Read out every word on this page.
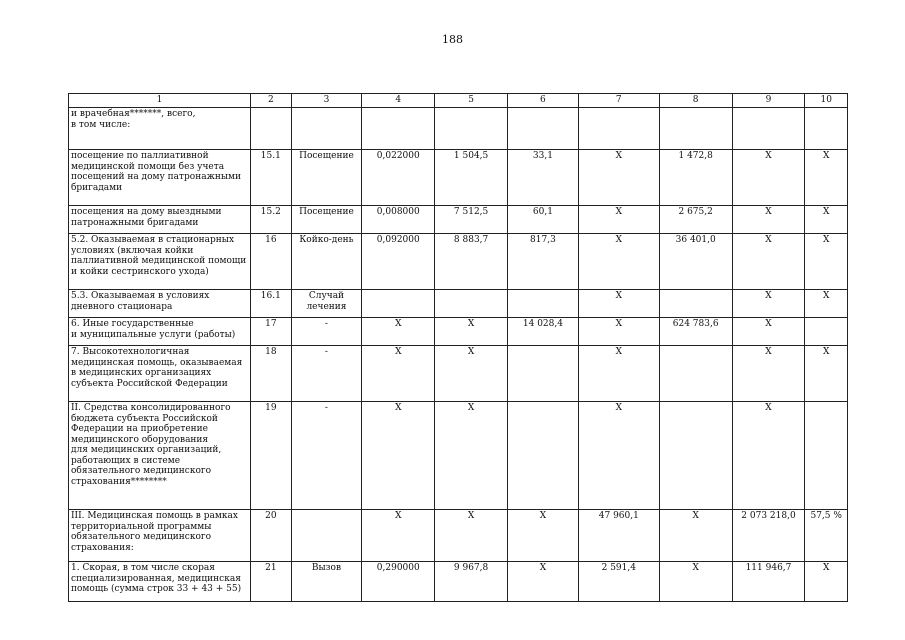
188
1	2	3	4	5	6	7	8	9	10
и врачебная*******, всего,
в том числе:									
посещение по паллиативной медицинской помощи без учета посещений на дому патронажными бригадами	15.1	Посещение	0,022000	1 504,5	33,1	X	1 472,8	X	X
посещения на дому выездными патронажными бригадами	15.2	Посещение	0,008000	7 512,5	60,1	X	2 675,2	X	X
5.2. Оказываемая в стационарных условиях (включая койки паллиативной медицинской помощи и койки сестринского ухода)	16	Койко-день	0,092000	8 883,7	817,3	X	36 401,0	X	X
5.3. Оказываемая в условиях дневного стационара	16.1	Случай лечения				X		X	X
6. Иные государственные
и муниципальные услуги (работы)	17	-	X	X	14 028,4	X	624 783,6	X	
7. Высокотехнологичная медицинская помощь, оказываемая в медицинских организациях субъекта Российской Федерации	18	-	X	X		X		X	X
II. Средства консолидированного бюджета субъекта Российской Федерации на приобретение медицинского оборудования
для медицинских организаций, работающих в системе обязательного медицинского страхования********	19	-	X	X		X		X	
III. Медицинская помощь в рамках территориальной программы обязательного медицинского страхования:	20		X	X	X	47 960,1	X	2 073 218,0	57,5 %
1. Скорая, в том числе скорая специализированная, медицинская помощь (сумма строк 33 + 43 + 55)	21	Вызов	0,290000	9 967,8	X	2 591,4	X	111 946,7	X
